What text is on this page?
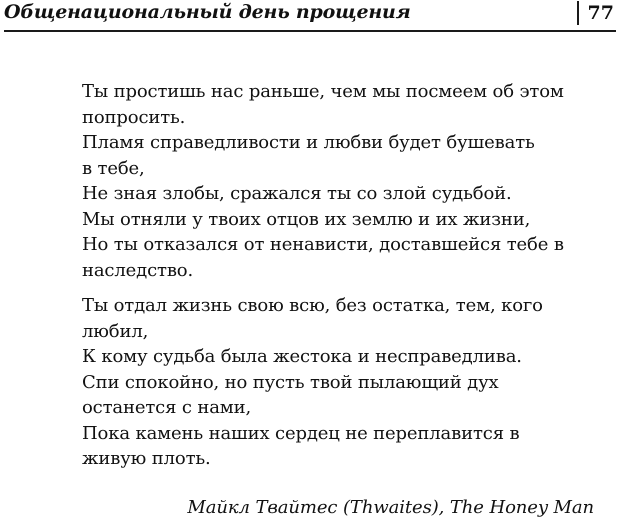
Общенациональный день прощения	77
Ты простишь нас раньше, чем мы посмеем об этом
попросить.
Пламя справедливости и любви будет бушевать
в тебе,
Не зная злобы, сражался ты со злой судьбой.
Мы отняли у твоих отцов их землю и их жизни,
Но ты отказался от ненависти, доставшейся тебе в
наследство.
Ты отдал жизнь свою всю, без остатка, тем, кого
любил,
К кому судьба была жестока и несправедлива.
Спи спокойно, но пусть твой пылающий дух
останется с нами,
Пока камень наших сердец не переплавится в
живую плоть.
Майкл Твайтес (Thwaites), The Honey Man
